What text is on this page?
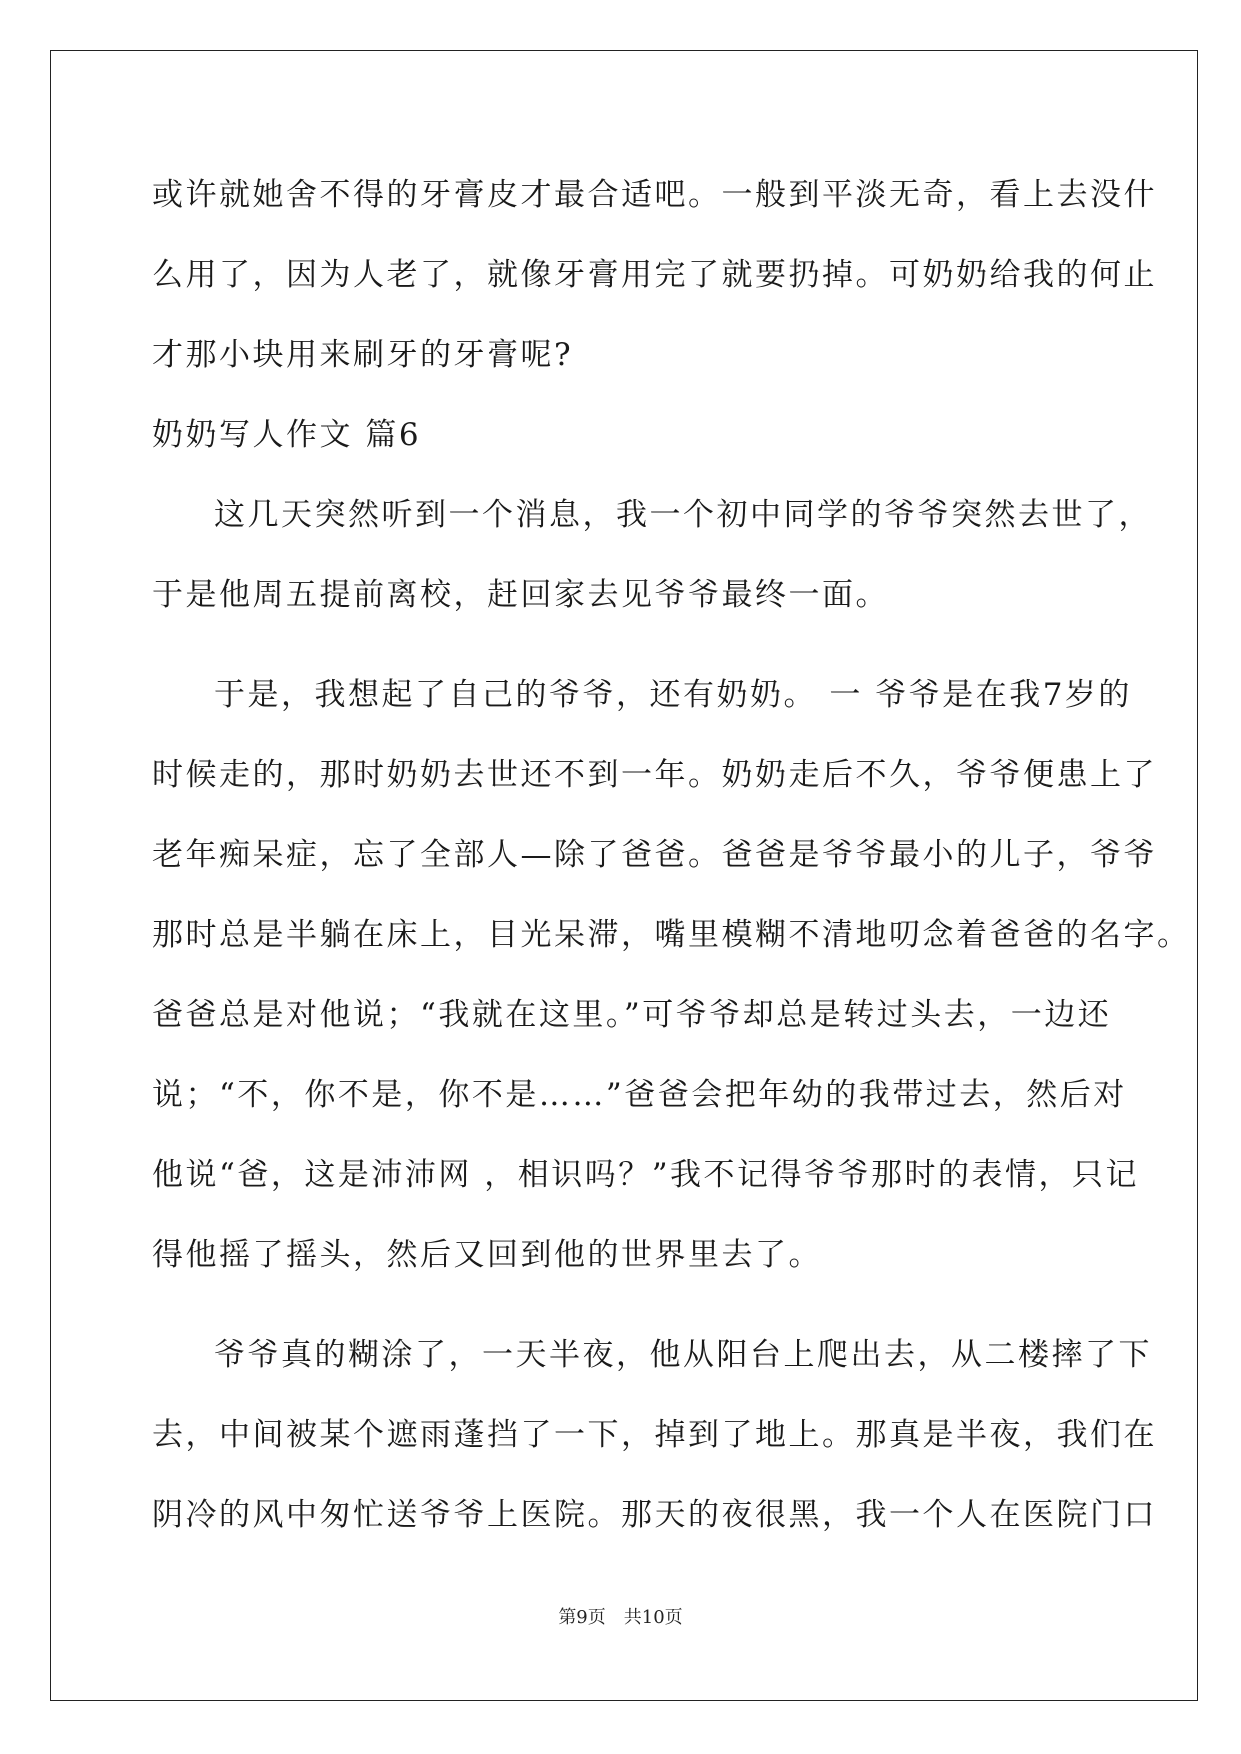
或许就她舍不得的牙膏皮才最合适吧。一般到平淡无奇，看上去没什
么用了，因为人老了，就像牙膏用完了就要扔掉。可奶奶给我的何止
才那小块用来刷牙的牙膏呢?
奶奶写人作文 篇6
这几天突然听到一个消息，我一个初中同学的爷爷突然去世了，
于是他周五提前离校，赶回家去见爷爷最终一面。
于是，我想起了自己的爷爷，还有奶奶。 一 爷爷是在我7岁的
时候走的，那时奶奶去世还不到一年。奶奶走后不久，爷爷便患上了
老年痴呆症，忘了全部人—除了爸爸。爸爸是爷爷最小的儿子，爷爷
那时总是半躺在床上，目光呆滞，嘴里模糊不清地叨念着爸爸的名字。
爸爸总是对他说；“我就在这里。”可爷爷却总是转过头去，一边还
说；“不，你不是，你不是……”爸爸会把年幼的我带过去，然后对
他说“爸，这是沛沛网 ，相识吗？”我不记得爷爷那时的表情，只记
得他摇了摇头，然后又回到他的世界里去了。
爷爷真的糊涂了，一天半夜，他从阳台上爬出去，从二楼摔了下
去，中间被某个遮雨蓬挡了一下，掉到了地上。那真是半夜，我们在
阴冷的风中匆忙送爷爷上医院。那天的夜很黑，我一个人在医院门口
第9页　共10页
